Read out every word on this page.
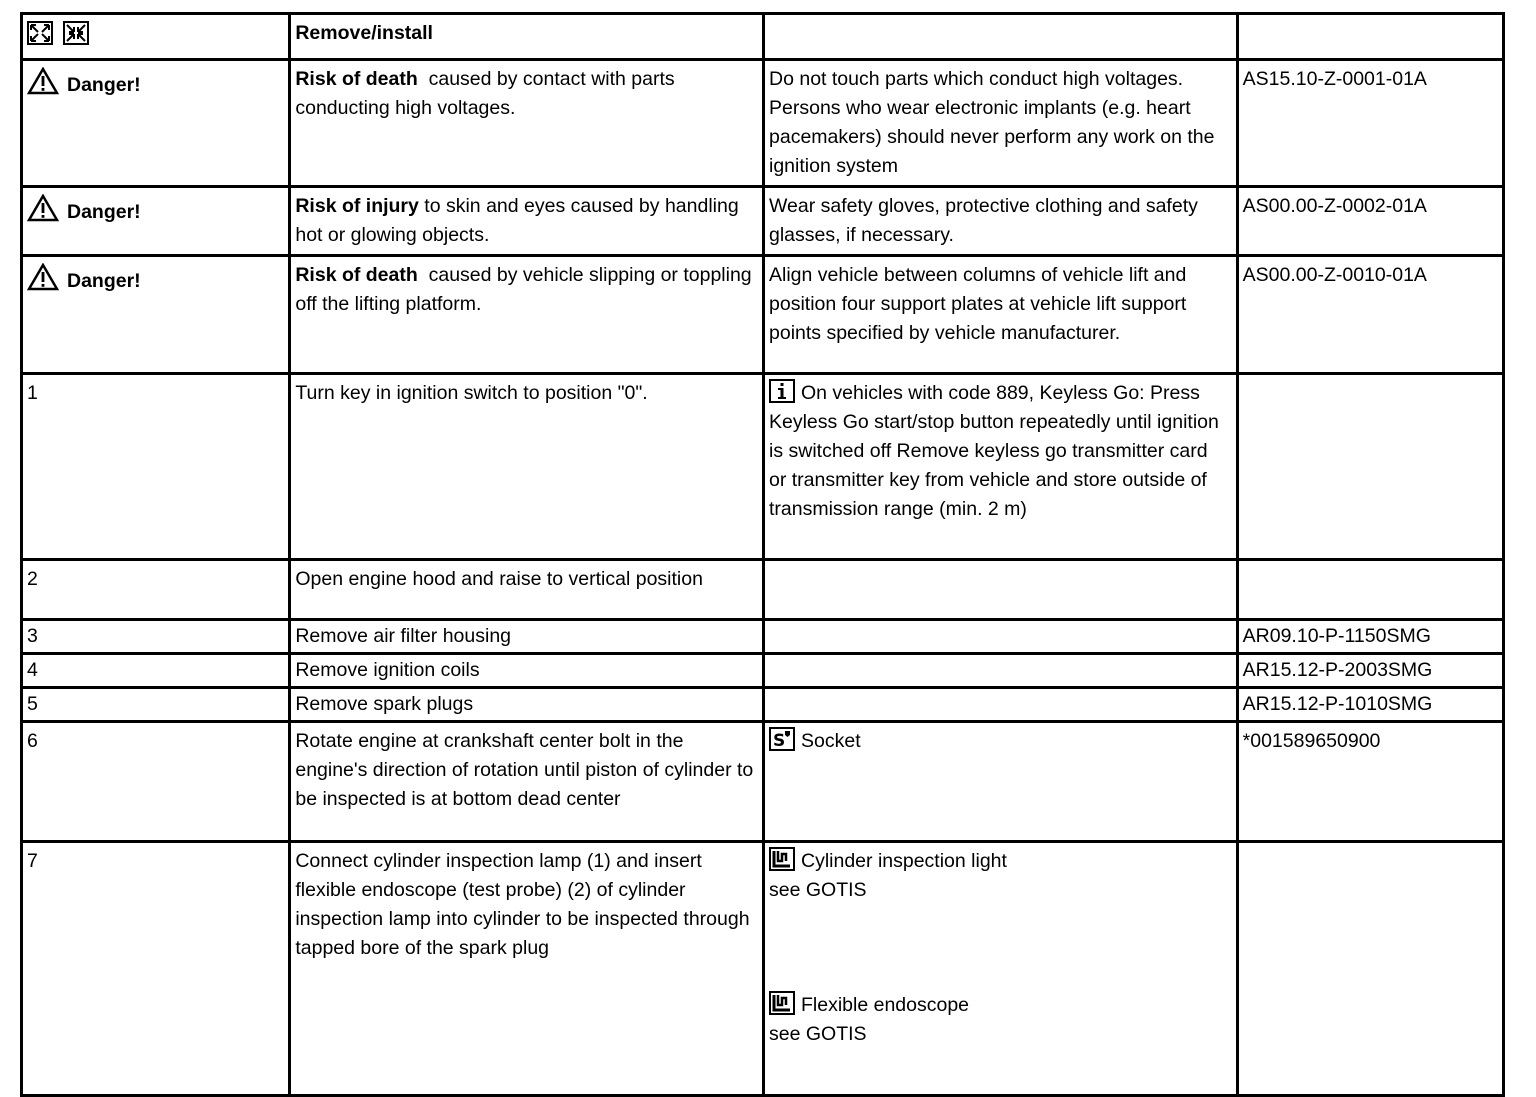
	Remove/install		

Danger!	Risk of death  caused by contact with parts conducting high voltages.	Do not touch parts which conduct high voltages. Persons who wear electronic implants (e.g. heart pacemakers) should never perform any work on the ignition system	AS15.10-Z-0001-01A

Danger!	Risk of injury to skin and eyes caused by handling hot or glowing objects.	Wear safety gloves, protective clothing and safety glasses, if necessary.	AS00.00-Z-0002-01A

Danger!	Risk of death  caused by vehicle slipping or toppling off the lifting platform.	Align vehicle between columns of vehicle lift and position four support plates at vehicle lift support points specified by vehicle manufacturer.	AS00.00-Z-0010-01A
1	Turn key in ignition switch to position "0".	On vehicles with code 889, Keyless Go: Press Keyless Go start/stop button repeatedly until ignition is switched off Remove keyless go transmitter card or transmitter key from vehicle and store outside of transmission range (min. 2 m)	
2	Open engine hood and raise to vertical position		
3	Remove air filter housing		AR09.10-P-1150SMG
4	Remove ignition coils		AR15.12-P-2003SMG
5	Remove spark plugs		AR15.12-P-1010SMG
6	Rotate engine at crankshaft center bolt in the engine's direction of rotation until piston of cylinder to be inspected is at bottom dead center	S Socket	*001589650900
7	Connect cylinder inspection lamp (1) and insert flexible endoscope (test probe) (2) of cylinder inspection lamp into cylinder to be inspected through tapped bore of the spark plug	Cylinder inspection light
see GOTIS
Flexible endoscope
see GOTIS	
